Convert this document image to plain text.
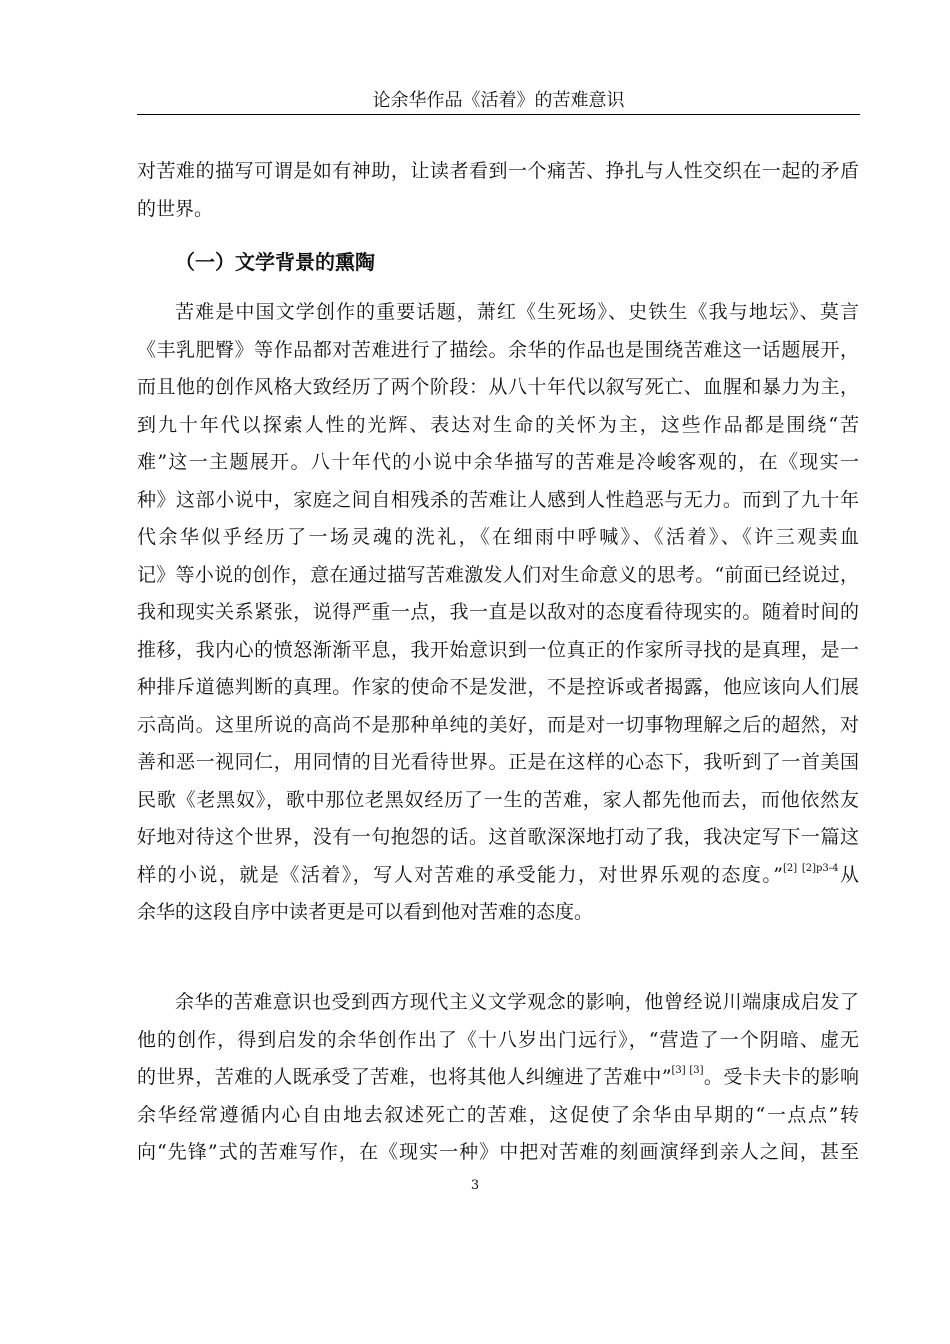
论余华作品《活着》的苦难意识
对苦难的描写可谓是如有神助，让读者看到一个痛苦、挣扎与人性交织在一起的矛盾
的世界。
（一）文学背景的熏陶
苦难是中国文学创作的重要话题，萧红《生死场》、史铁生《我与地坛》、莫言
《丰乳肥臀》等作品都对苦难进行了描绘。余华的作品也是围绕苦难这一话题展开，
而且他的创作风格大致经历了两个阶段：从八十年代以叙写死亡、血腥和暴力为主，
到九十年代以探索人性的光辉、表达对生命的关怀为主，这些作品都是围绕“苦
难”这一主题展开。八十年代的小说中余华描写的苦难是冷峻客观的，在《现实一
种》这部小说中，家庭之间自相残杀的苦难让人感到人性趋恶与无力。而到了九十年
代余华似乎经历了一场灵魂的洗礼，《在细雨中呼喊》、《活着》、《许三观卖血
记》等小说的创作，意在通过描写苦难激发人们对生命意义的思考。“前面已经说过，
我和现实关系紧张，说得严重一点，我一直是以敌对的态度看待现实的。随着时间的
推移，我内心的愤怒渐渐平息，我开始意识到一位真正的作家所寻找的是真理，是一
种排斥道德判断的真理。作家的使命不是发泄，不是控诉或者揭露，他应该向人们展
示高尚。这里所说的高尚不是那种单纯的美好，而是对一切事物理解之后的超然，对
善和恶一视同仁，用同情的目光看待世界。正是在这样的心态下，我听到了一首美国
民歌《老黑奴》，歌中那位老黑奴经历了一生的苦难，家人都先他而去，而他依然友
好地对待这个世界，没有一句抱怨的话。这首歌深深地打动了我，我决定写下一篇这
样的小说，就是《活着》，写人对苦难的承受能力，对世界乐观的态度。”$^{[2] [2]p3-4}$从
余华的这段自序中读者更是可以看到他对苦难的态度。
余华的苦难意识也受到西方现代主义文学观念的影响，他曾经说川端康成启发了
他的创作，得到启发的余华创作出了《十八岁出门远行》，“营造了一个阴暗、虚无
的世界，苦难的人既承受了苦难，也将其他人纠缠进了苦难中”[3] [3]。受卡夫卡的影响
余华经常遵循内心自由地去叙述死亡的苦难，这促使了余华由早期的“一点点”转
向“先锋”式的苦难写作，在《现实一种》中把对苦难的刻画演绎到亲人之间，甚至
3
